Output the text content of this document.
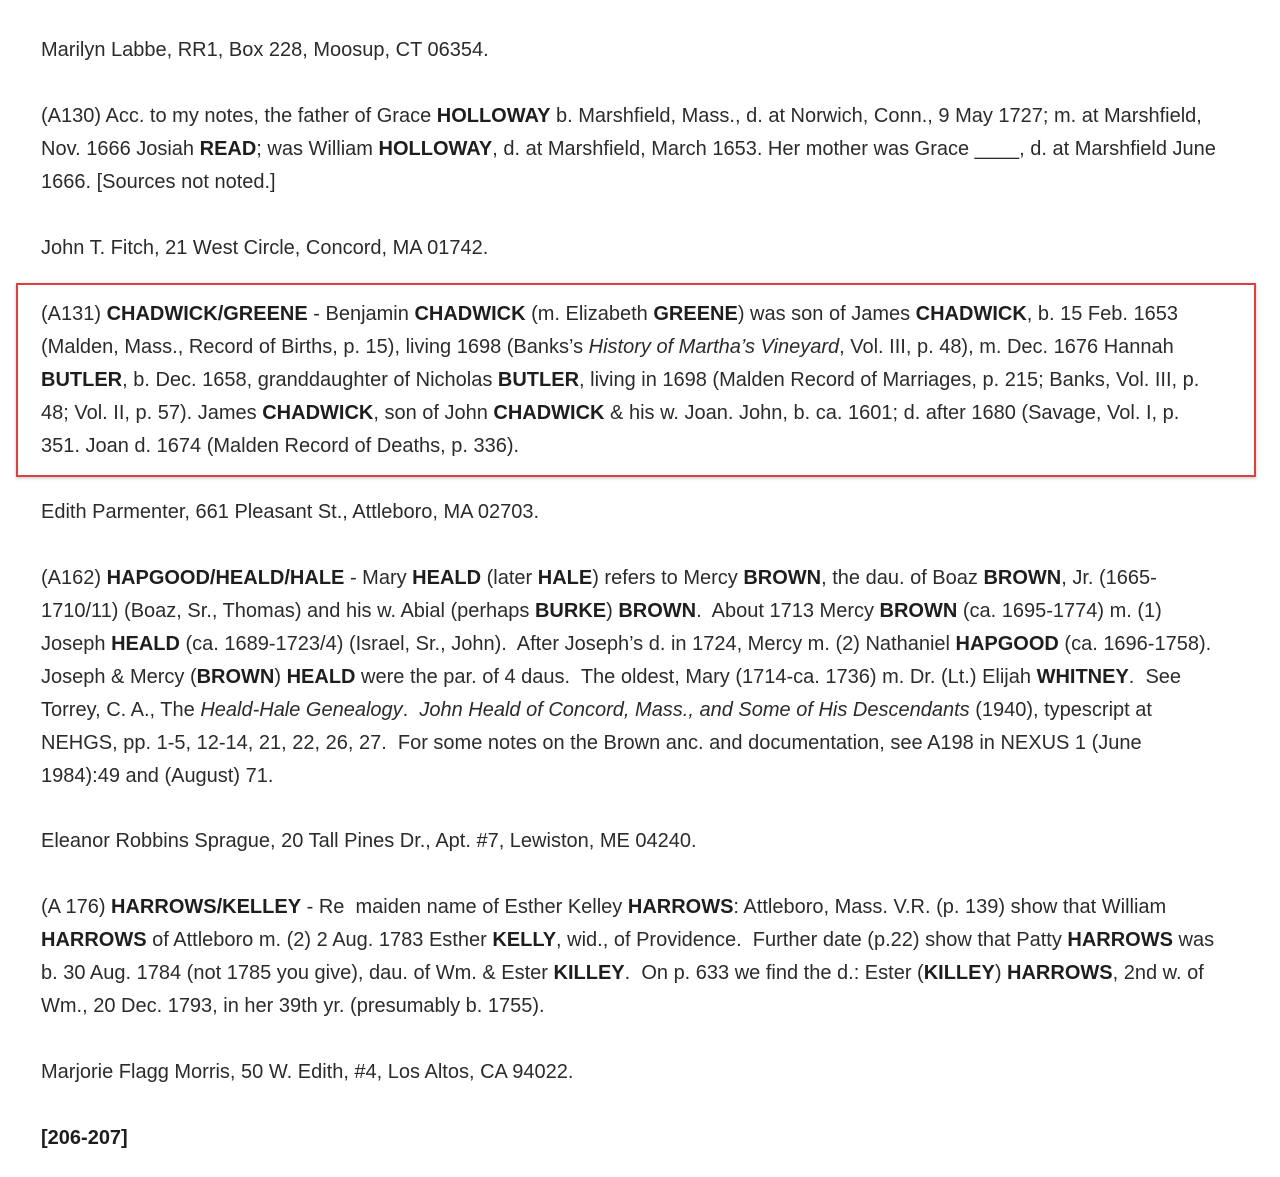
Marilyn Labbe, RR1, Box 228, Moosup, CT 06354.

(A130) Acc. to my notes, the father of Grace HOLLOWAY b. Marshfield, Mass., d. at Norwich, Conn., 9 May 1727; m. at Marshfield, Nov. 1666 Josiah READ; was William HOLLOWAY, d. at Marshfield, March 1653. Her mother was Grace ____, d. at Marshfield June 1666. [Sources not noted.]

John T. Fitch, 21 West Circle, Concord, MA 01742.

(A131) CHADWICK/GREENE - Benjamin CHADWICK (m. Elizabeth GREENE) was son of James CHADWICK, b. 15 Feb. 1653 (Malden, Mass., Record of Births, p. 15), living 1698 (Banks’s History of Martha’s Vineyard, Vol. III, p. 48), m. Dec. 1676 Hannah BUTLER, b. Dec. 1658, granddaughter of Nicholas BUTLER, living in 1698 (Malden Record of Marriages, p. 215; Banks, Vol. III, p. 48; Vol. II, p. 57). James CHADWICK, son of John CHADWICK & his w. Joan. John, b. ca. 1601; d. after 1680 (Savage, Vol. I, p. 351. Joan d. 1674 (Malden Record of Deaths, p. 336).

Edith Parmenter, 661 Pleasant St., Attleboro, MA 02703.

(A162) HAPGOOD/HEALD/HALE - Mary HEALD (later HALE) refers to Mercy BROWN, the dau. of Boaz BROWN, Jr. (1665-1710/11) (Boaz, Sr., Thomas) and his w. Abial (perhaps BURKE) BROWN.  About 1713 Mercy BROWN (ca. 1695-1774) m. (1) Joseph HEALD (ca. 1689-1723/4) (Israel, Sr., John).  After Joseph’s d. in 1724, Mercy m. (2) Nathaniel HAPGOOD (ca. 1696-1758). Joseph & Mercy (BROWN) HEALD were the par. of 4 daus.  The oldest, Mary (1714-ca. 1736) m. Dr. (Lt.) Elijah WHITNEY.  See Torrey, C. A., The Heald-Hale Genealogy.  John Heald of Concord, Mass., and Some of His Descendants (1940), typescript at NEHGS, pp. 1-5, 12-14, 21, 22, 26, 27.  For some notes on the Brown anc. and documentation, see A198 in NEXUS 1 (June 1984):49 and (August) 71.

Eleanor Robbins Sprague, 20 Tall Pines Dr., Apt. #7, Lewiston, ME 04240.

(A 176) HARROWS/KELLEY - Re  maiden name of Esther Kelley HARROWS: Attleboro, Mass. V.R. (p. 139) show that William HARROWS of Attleboro m. (2) 2 Aug. 1783 Esther KELLY, wid., of Providence.  Further date (p.22) show that Patty HARROWS was b. 30 Aug. 1784 (not 1785 you give), dau. of Wm. & Ester KILLEY.  On p. 633 we find the d.: Ester (KILLEY) HARROWS, 2nd w. of Wm., 20 Dec. 1793, in her 39th yr. (presumably b. 1755).

Marjorie Flagg Morris, 50 W. Edith, #4, Los Altos, CA 94022.

[206-207]
